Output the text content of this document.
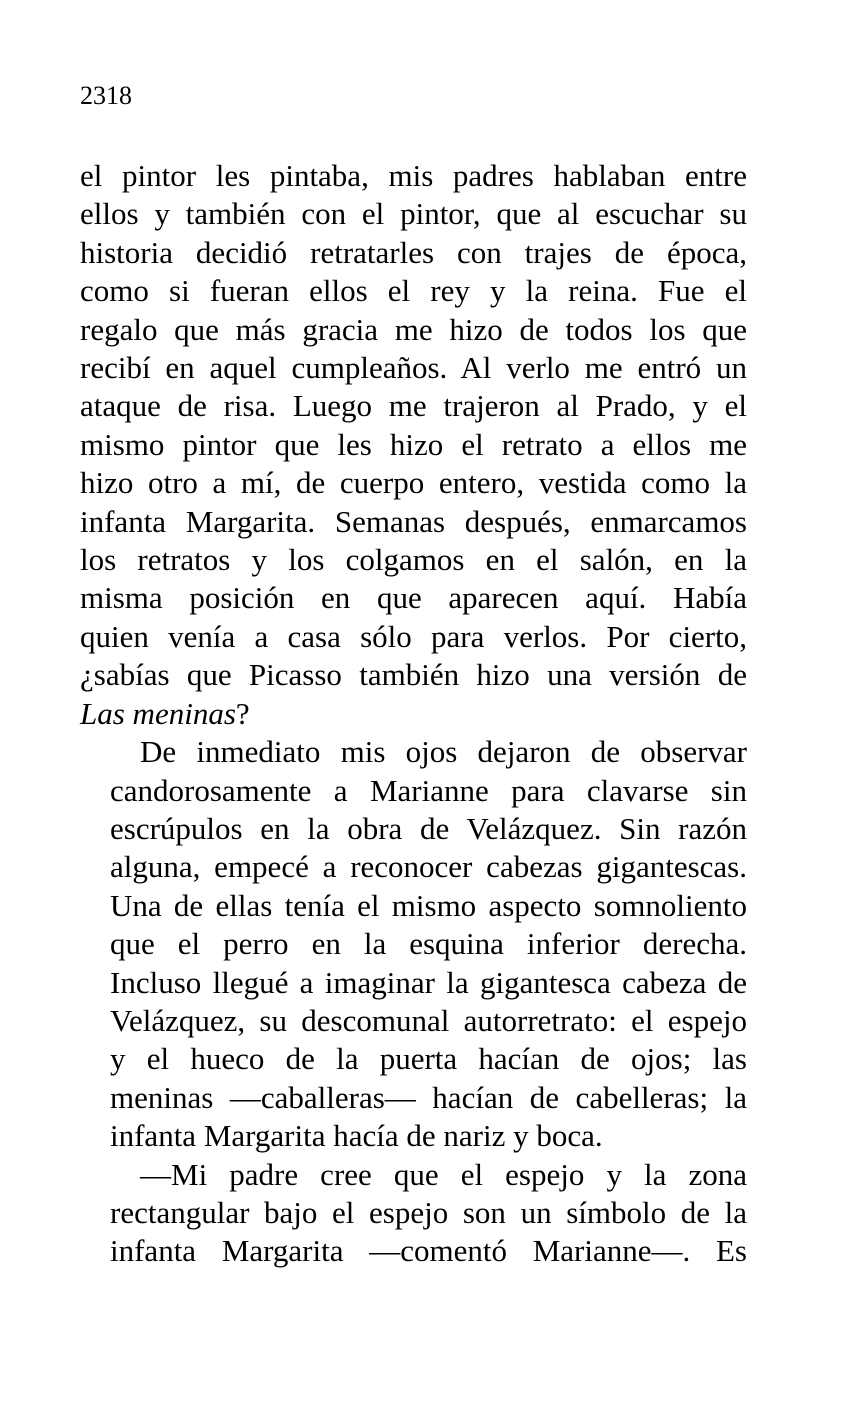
2318

el pintor les pintaba, mis padres hablaban entre
ellos y también con el pintor, que al escuchar su
historia decidió retratarles con trajes de época,
como si fueran ellos el rey y la reina. Fue el
regalo que más gracia me hizo de todos los que
recibí en aquel cumpleaños. Al verlo me entró un
ataque de risa. Luego me trajeron al Prado, y el
mismo pintor que les hizo el retrato a ellos me
hizo otro a mí, de cuerpo entero, vestida como la
infanta Margarita. Semanas después, enmarcamos
los retratos y los colgamos en el salón, en la
misma posición en que aparecen aquí. Había
quien venía a casa sólo para verlos. Por cierto,
¿sabías que Picasso también hizo una versión de
Las meninas?

De inmediato mis ojos dejaron de observar
candorosamente a Marianne para clavarse sin
escrúpulos en la obra de Velázquez. Sin razón
alguna, empecé a reconocer cabezas gigantescas.
Una de ellas tenía el mismo aspecto somnoliento
que el perro en la esquina inferior derecha.
Incluso llegué a imaginar la gigantesca cabeza de
Velázquez, su descomunal autorretrato: el espejo
y el hueco de la puerta hacían de ojos; las
meninas —caballeras— hacían de cabelleras; la
infanta Margarita hacía de nariz y boca.

—Mi padre cree que el espejo y la zona
rectangular bajo el espejo son un símbolo de la
infanta Margarita —comentó Marianne—. Es
